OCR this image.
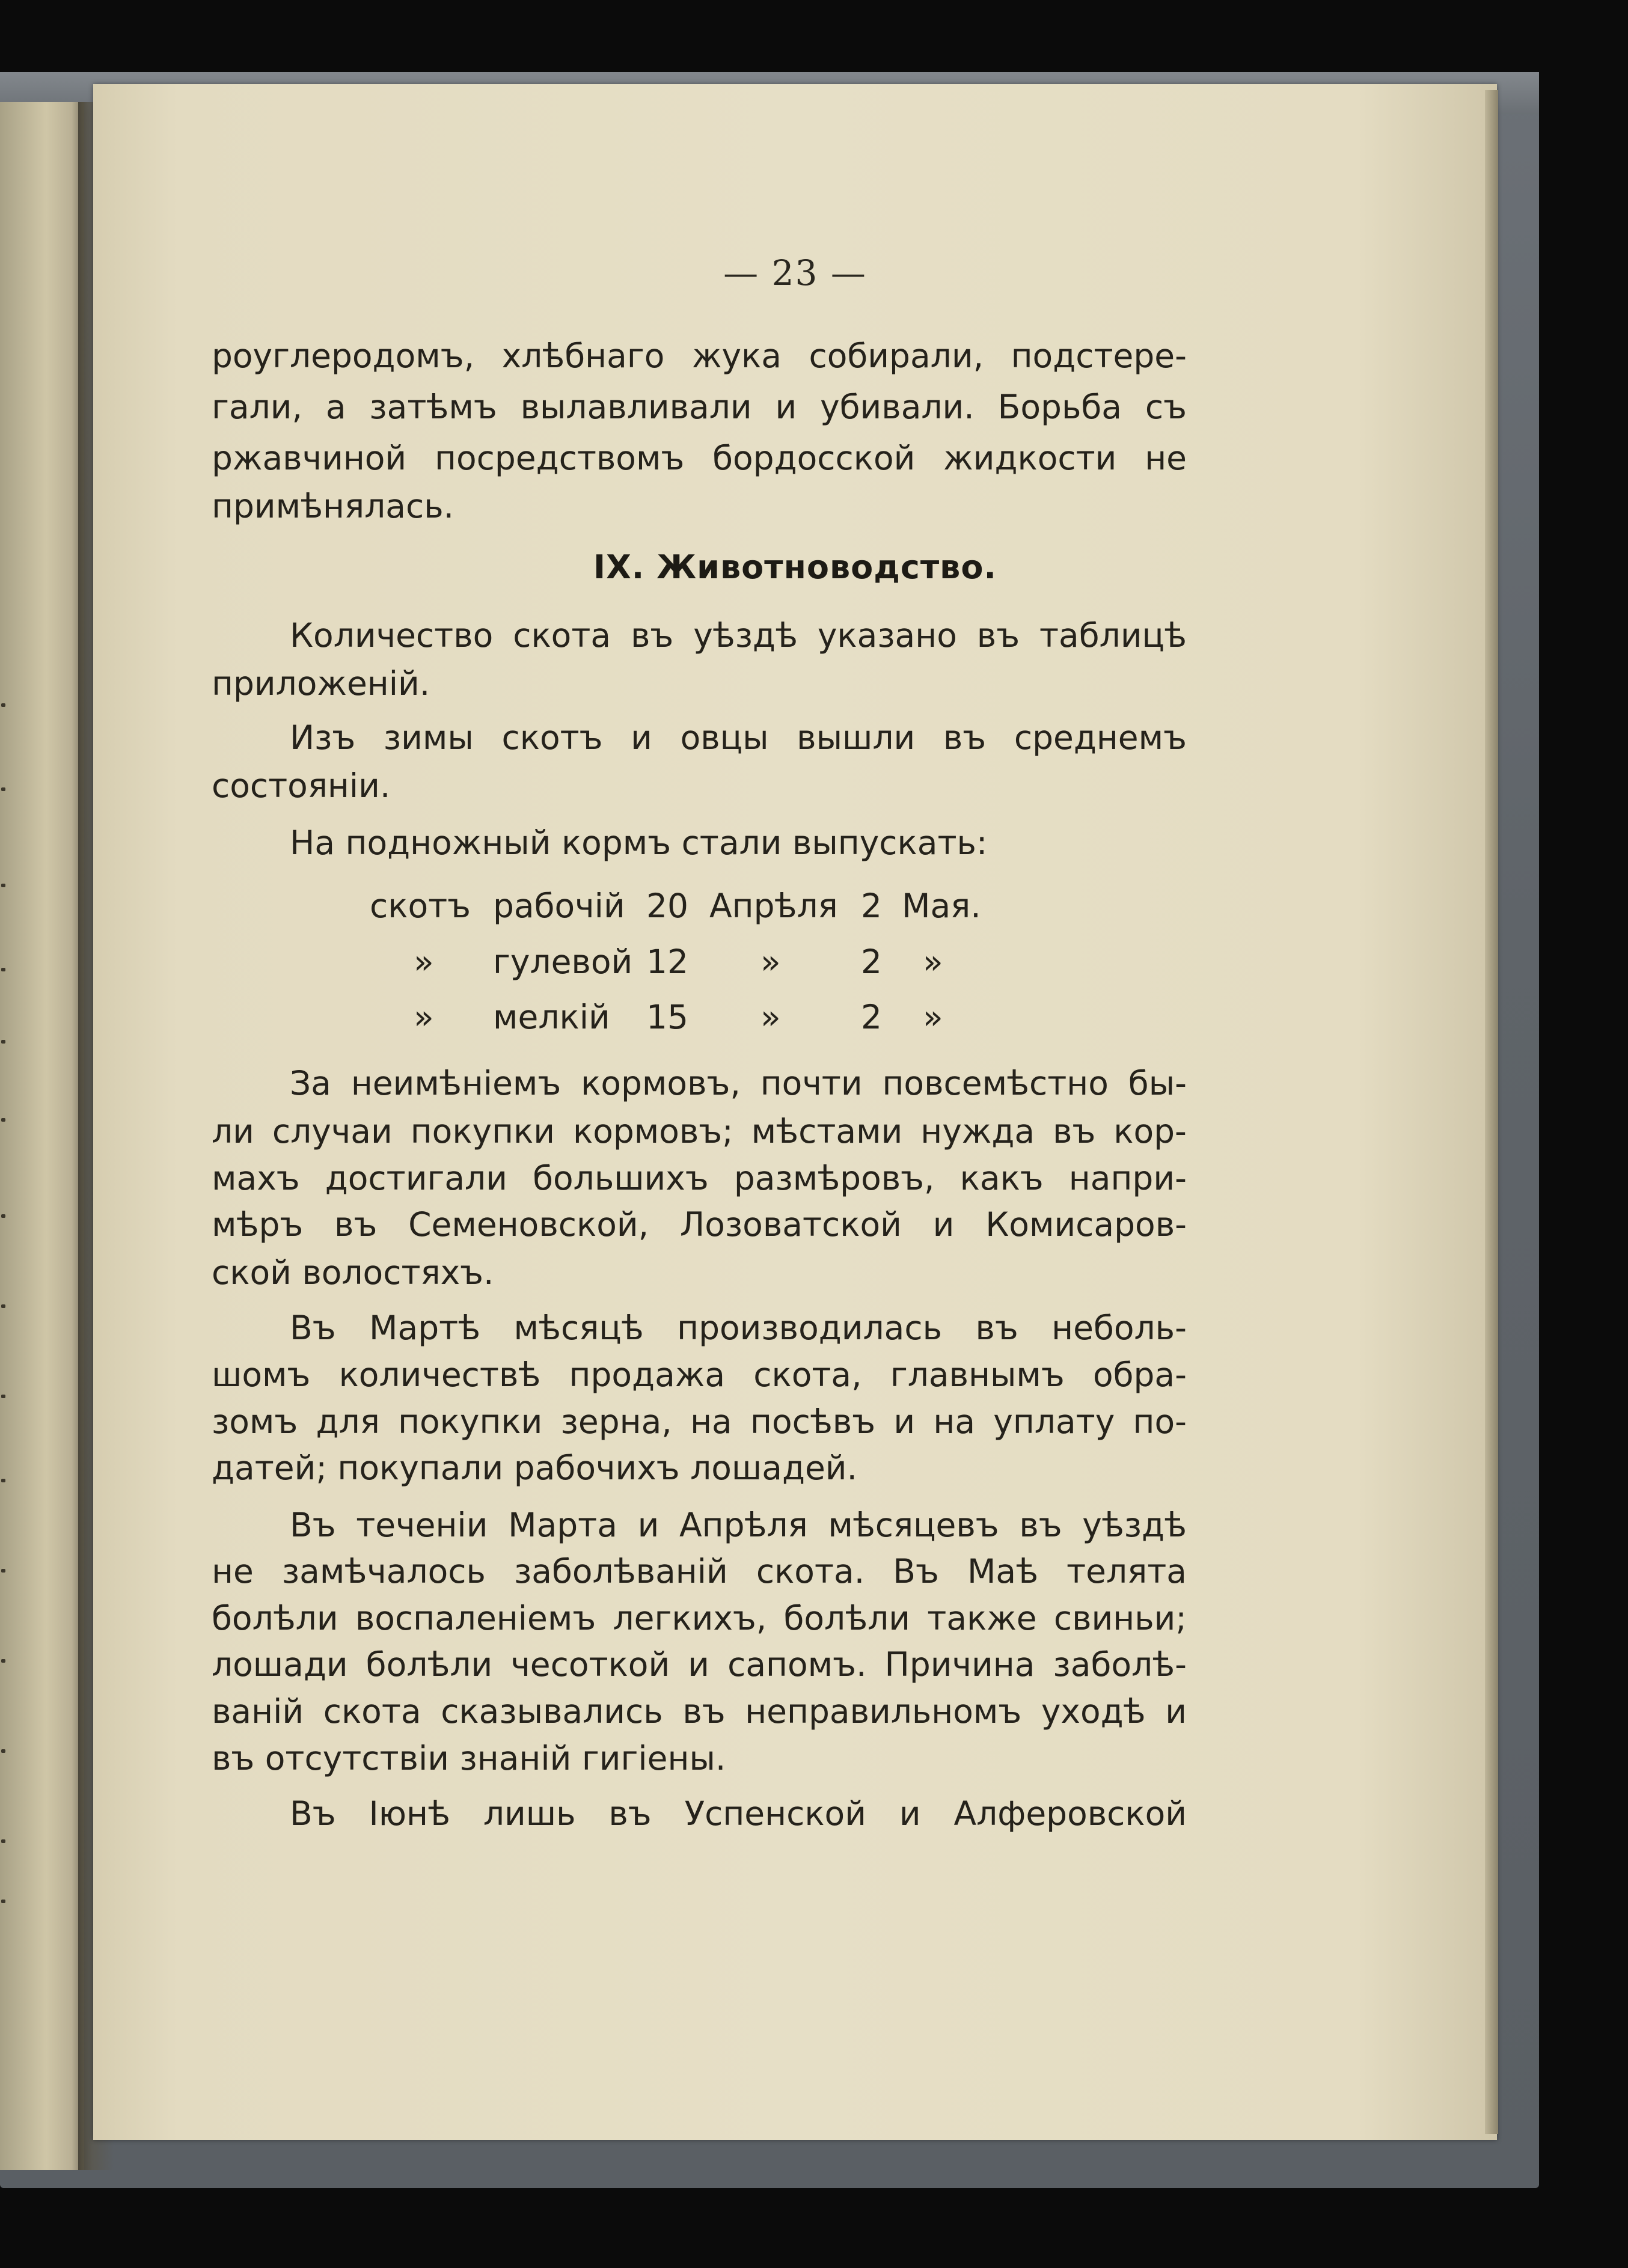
— 23 —
роуглеродомъ, хлѣбнаго жука собирали, подстере-
гали, а затѣмъ вылавливали и убивали. Борьба съ
ржавчиной посредствомъ бордосской жидкости не
примѣнялась.
IX. Животноводство.
Количество скота въ уѣздѣ указано въ таблицѣ
приложеній.
Изъ зимы скотъ и овцы вышли въ среднемъ
состояніи.
На подножный кормъ стали выпускать:
скотъ рабочій 20 Апрѣля 2 Мая.
» гулевой 12 » 2 »
» мелкій 15 » 2 »
За неимѣніемъ кормовъ, почти повсемѣстно бы-
ли случаи покупки кормовъ; мѣстами нужда въ кор-
махъ достигали большихъ размѣровъ, какъ напри-
мѣръ въ Семеновской, Лозоватской и Комисаров-
ской волостяхъ.
Въ Мартѣ мѣсяцѣ производилась въ неболь-
шомъ количествѣ продажа скота, главнымъ обра-
зомъ для покупки зерна, на посѣвъ и на уплату по-
датей; покупали рабочихъ лошадей.
Въ теченіи Марта и Апрѣля мѣсяцевъ въ уѣздѣ
не замѣчалось заболѣваній скота. Въ Маѣ телята
болѣли воспаленіемъ легкихъ, болѣли также свиньи;
лошади болѣли чесоткой и сапомъ. Причина заболѣ-
ваній скота сказывались въ неправильномъ уходѣ и
въ отсутствіи знаній гигіены.
Въ Іюнѣ лишь въ Успенской и Алферовской
